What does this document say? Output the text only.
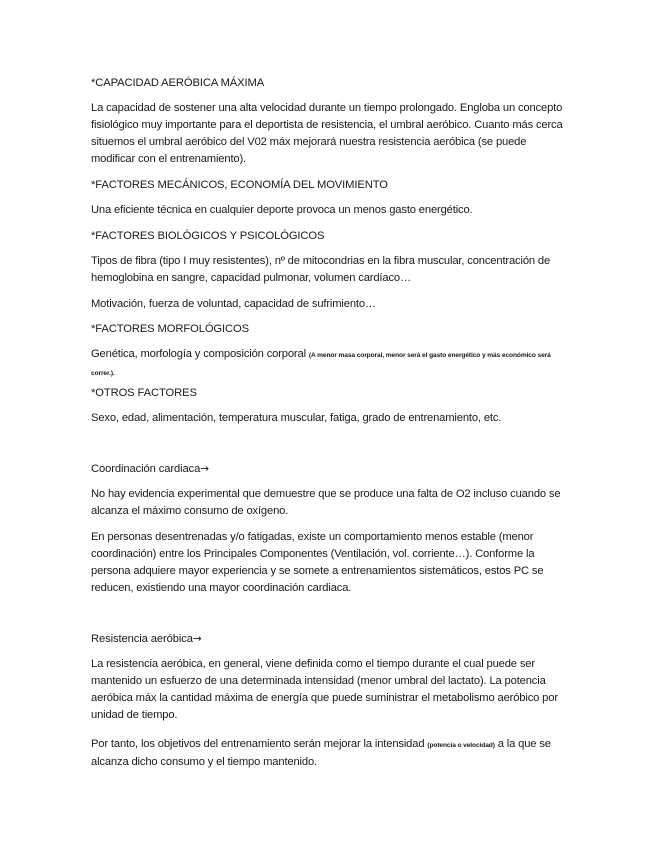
*CAPACIDAD AERÓBICA MÁXIMA

La capacidad de sostener una alta velocidad durante un tiempo prolongado. Engloba un concepto fisiológico muy importante para el deportista de resistencia, el umbral aeróbico. Cuanto más cerca situemos el umbral aeróbico del V02 máx mejorará nuestra resistencia aeróbica (se puede modificar con el entrenamiento).

*FACTORES MECÁNICOS, ECONOMÍA DEL MOVIMIENTO

Una eficiente técnica en cualquier deporte provoca un menos gasto energético.

*FACTORES BIOLÓGICOS Y PSICOLÓGICOS

Tipos de fibra (tipo I muy resistentes), nº de mitocondrias en la fibra muscular, concentración de hemoglobina en sangre, capacidad pulmonar, volumen cardíaco…

Motivación, fuerza de voluntad, capacidad de sufrimiento…

*FACTORES MORFOLÓGICOS

Genética, morfología y composición corporal (A menor masa corporal, menor será el gasto energético y más económico será correr.).

*OTROS FACTORES

Sexo, edad, alimentación, temperatura muscular, fatiga, grado de entrenamiento, etc.

Coordinación cardiaca→

No hay evidencia experimental que demuestre que se produce una falta de O2 incluso cuando se alcanza el máximo consumo de oxígeno.

En personas desentrenadas y/o fatigadas, existe un comportamiento menos estable (menor coordinación) entre los Principales Componentes (Ventilación, vol. corriente…). Conforme la persona adquiere mayor experiencia y se somete a entrenamientos sistemáticos, estos PC se reducen, existiendo una mayor coordinación cardiaca.

Resistencia aeróbica→

La resistencia aeróbica, en general, viene definida como el tiempo durante el cual puede ser mantenido un esfuerzo de una determinada intensidad (menor umbral del lactato). La potencia aeróbica máx la cantidad máxima de energía que puede suministrar el metabolismo aeróbico por unidad de tiempo.

Por tanto, los objetivos del entrenamiento serán mejorar la intensidad (potencia o velocidad) a la que se alcanza dicho consumo y el tiempo mantenido.
